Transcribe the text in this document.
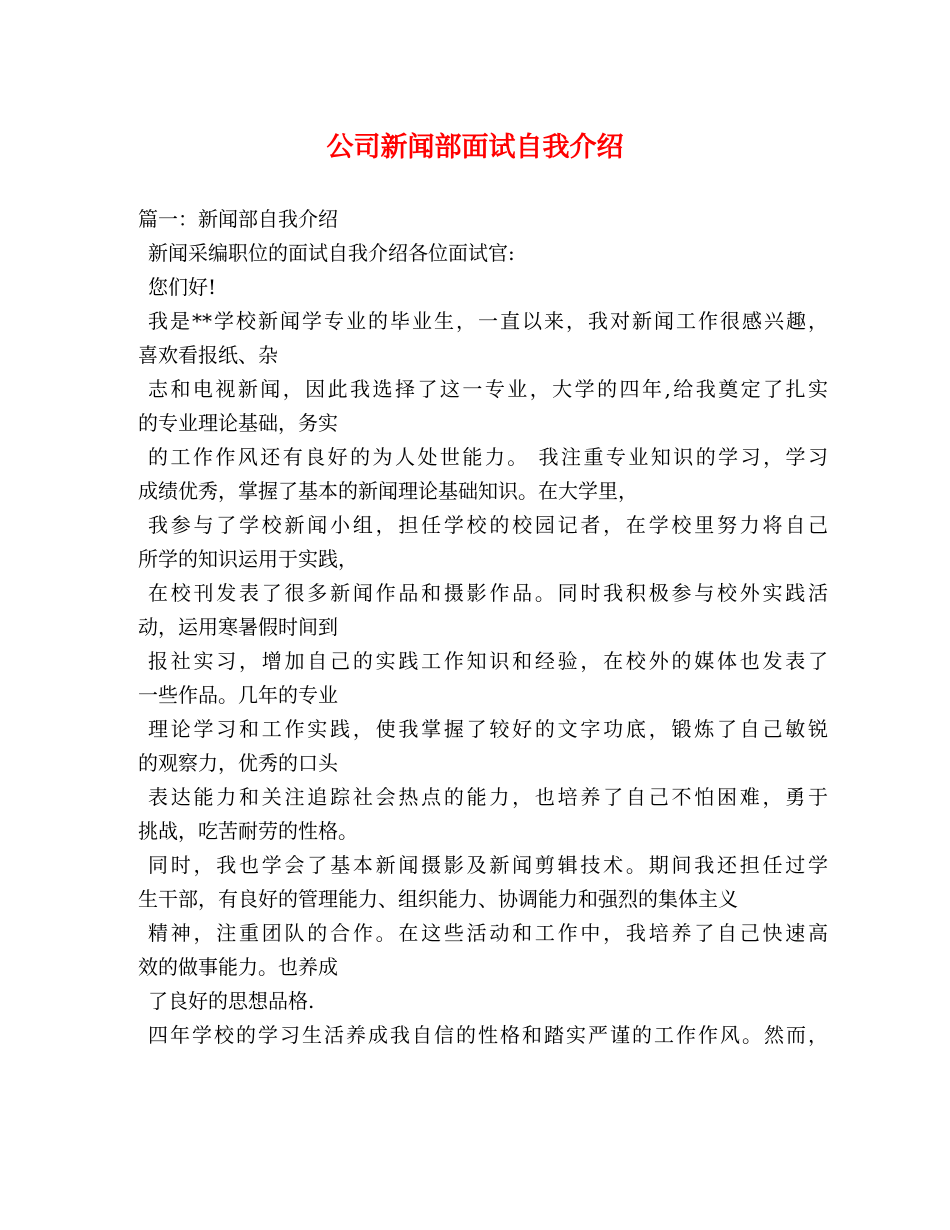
公司新闻部面试自我介绍

篇一：新闻部自我介绍

新闻采编职位的面试自我介绍各位面试官:

您们好!

我是**学校新闻学专业的毕业生，一直以来，我对新闻工作很感兴趣，

喜欢看报纸、杂

志和电视新闻，因此我选择了这一专业，大学的四年,给我奠定了扎实

的专业理论基础，务实

的工作作风还有良好的为人处世能力。 我注重专业知识的学习，学习

成绩优秀，掌握了基本的新闻理论基础知识。在大学里，

我参与了学校新闻小组，担任学校的校园记者，在学校里努力将自己

所学的知识运用于实践，

在校刊发表了很多新闻作品和摄影作品。同时我积极参与校外实践活

动，运用寒暑假时间到

报社实习，增加自己的实践工作知识和经验，在校外的媒体也发表了

一些作品。几年的专业

理论学习和工作实践，使我掌握了较好的文字功底，锻炼了自己敏锐

的观察力，优秀的口头

表达能力和关注追踪社会热点的能力，也培养了自己不怕困难，勇于

挑战，吃苦耐劳的性格。

同时，我也学会了基本新闻摄影及新闻剪辑技术。期间我还担任过学

生干部，有良好的管理能力、组织能力、协调能力和强烈的集体主义

精神，注重团队的合作。在这些活动和工作中，我培养了自己快速高

效的做事能力。也养成

了良好的思想品格.

四年学校的学习生活养成我自信的性格和踏实严谨的工作作风。然而，
